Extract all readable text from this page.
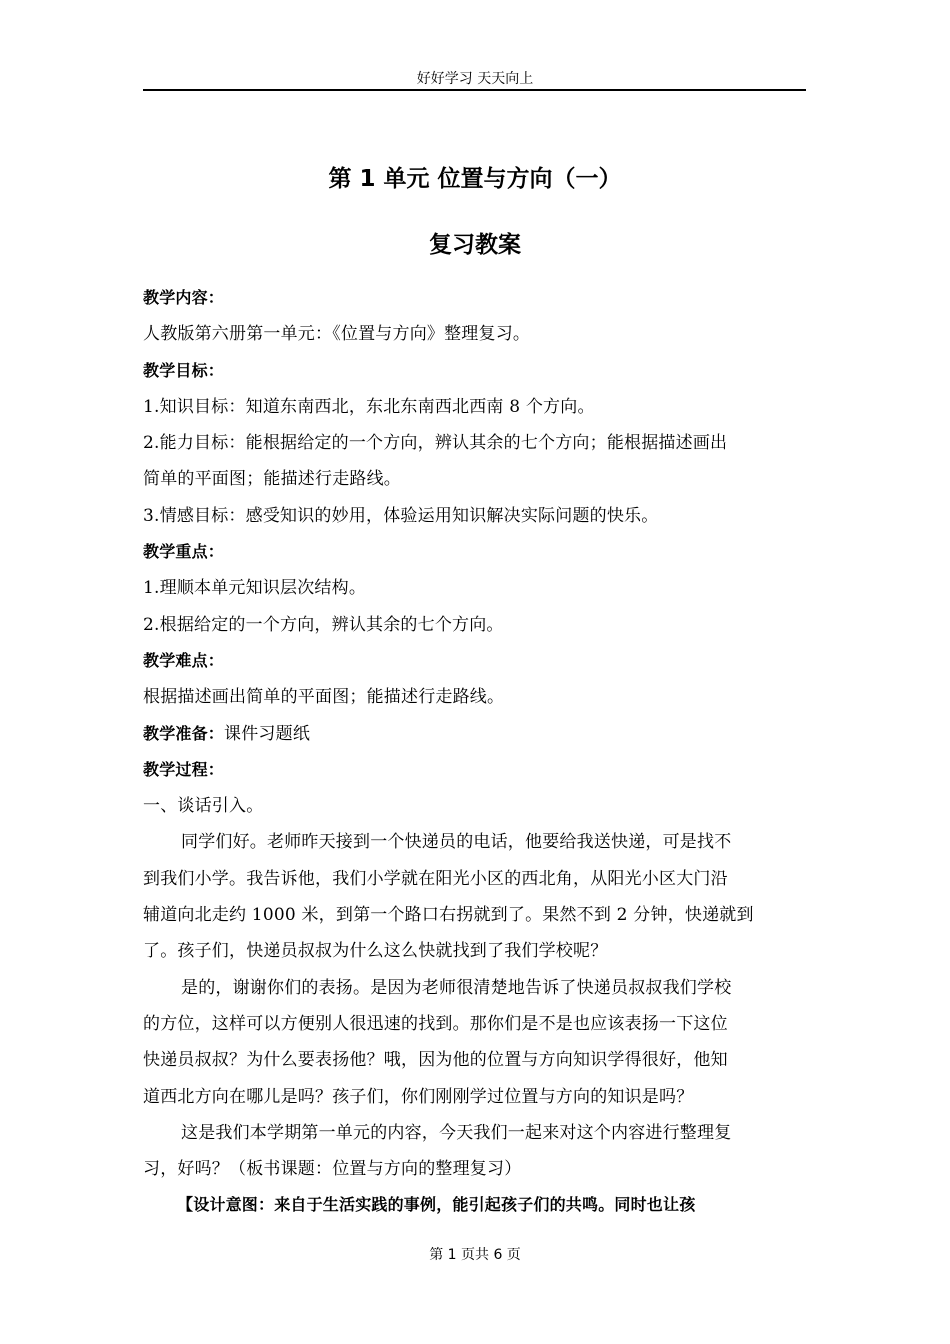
好好学习 天天向上
第 1 单元 位置与方向（一）
复习教案
教学内容：
人教版第六册第一单元：《位置与方向》整理复习。
教学目标：
1.知识目标：知道东南西北，东北东南西北西南 8 个方向。
2.能力目标：能根据给定的一个方向，辨认其余的七个方向；能根据描述画出
简单的平面图；能描述行走路线。
3.情感目标：感受知识的妙用，体验运用知识解决实际问题的快乐。
教学重点：
1.理顺本单元知识层次结构。
2.根据给定的一个方向，辨认其余的七个方向。
教学难点：
根据描述画出简单的平面图；能描述行走路线。
教学准备：课件习题纸
教学过程：
一、谈话引入。
同学们好。老师昨天接到一个快递员的电话，他要给我送快递，可是找不
到我们小学。我告诉他，我们小学就在阳光小区的西北角，从阳光小区大门沿
辅道向北走约 1000 米，到第一个路口右拐就到了。果然不到 2 分钟，快递就到
了。孩子们，快递员叔叔为什么这么快就找到了我们学校呢？
是的，谢谢你们的表扬。是因为老师很清楚地告诉了快递员叔叔我们学校
的方位，这样可以方便别人很迅速的找到。那你们是不是也应该表扬一下这位
快递员叔叔？为什么要表扬他？哦，因为他的位置与方向知识学得很好，他知
道西北方向在哪儿是吗？孩子们，你们刚刚学过位置与方向的知识是吗？
这是我们本学期第一单元的内容，今天我们一起来对这个内容进行整理复
习，好吗？（板书课题：位置与方向的整理复习）
【设计意图：来自于生活实践的事例，能引起孩子们的共鸣。同时也让孩
第 1 页共 6 页
